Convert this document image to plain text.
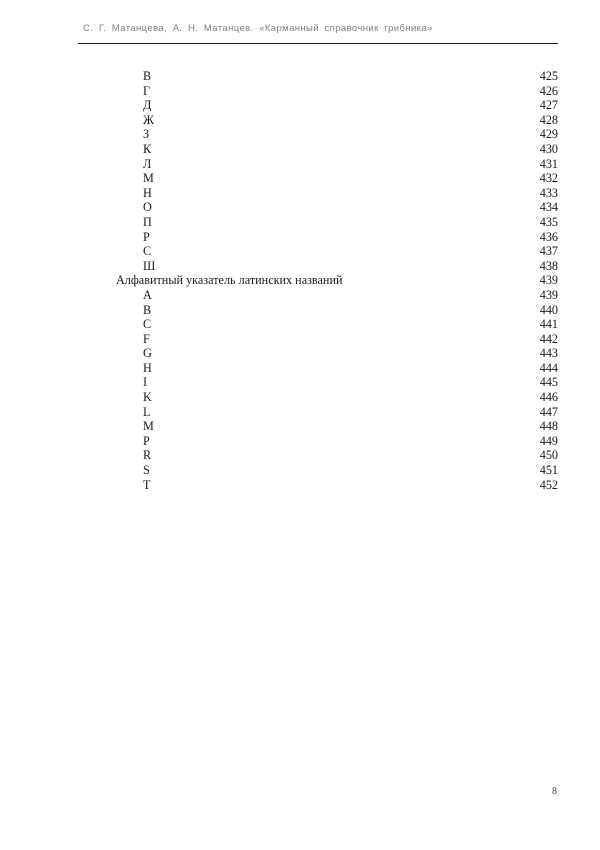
С. Г. Матанцева, А. Н. Матанцев. «Карманный справочник грибника»
В	425
Г	426
Д	427
Ж	428
З	429
К	430
Л	431
М	432
Н	433
О	434
П	435
Р	436
С	437
Ш	438
Алфавитный указатель латинских названий	439
A	439
B	440
C	441
F	442
G	443
H	444
I	445
K	446
L	447
M	448
P	449
R	450
S	451
T	452
8
